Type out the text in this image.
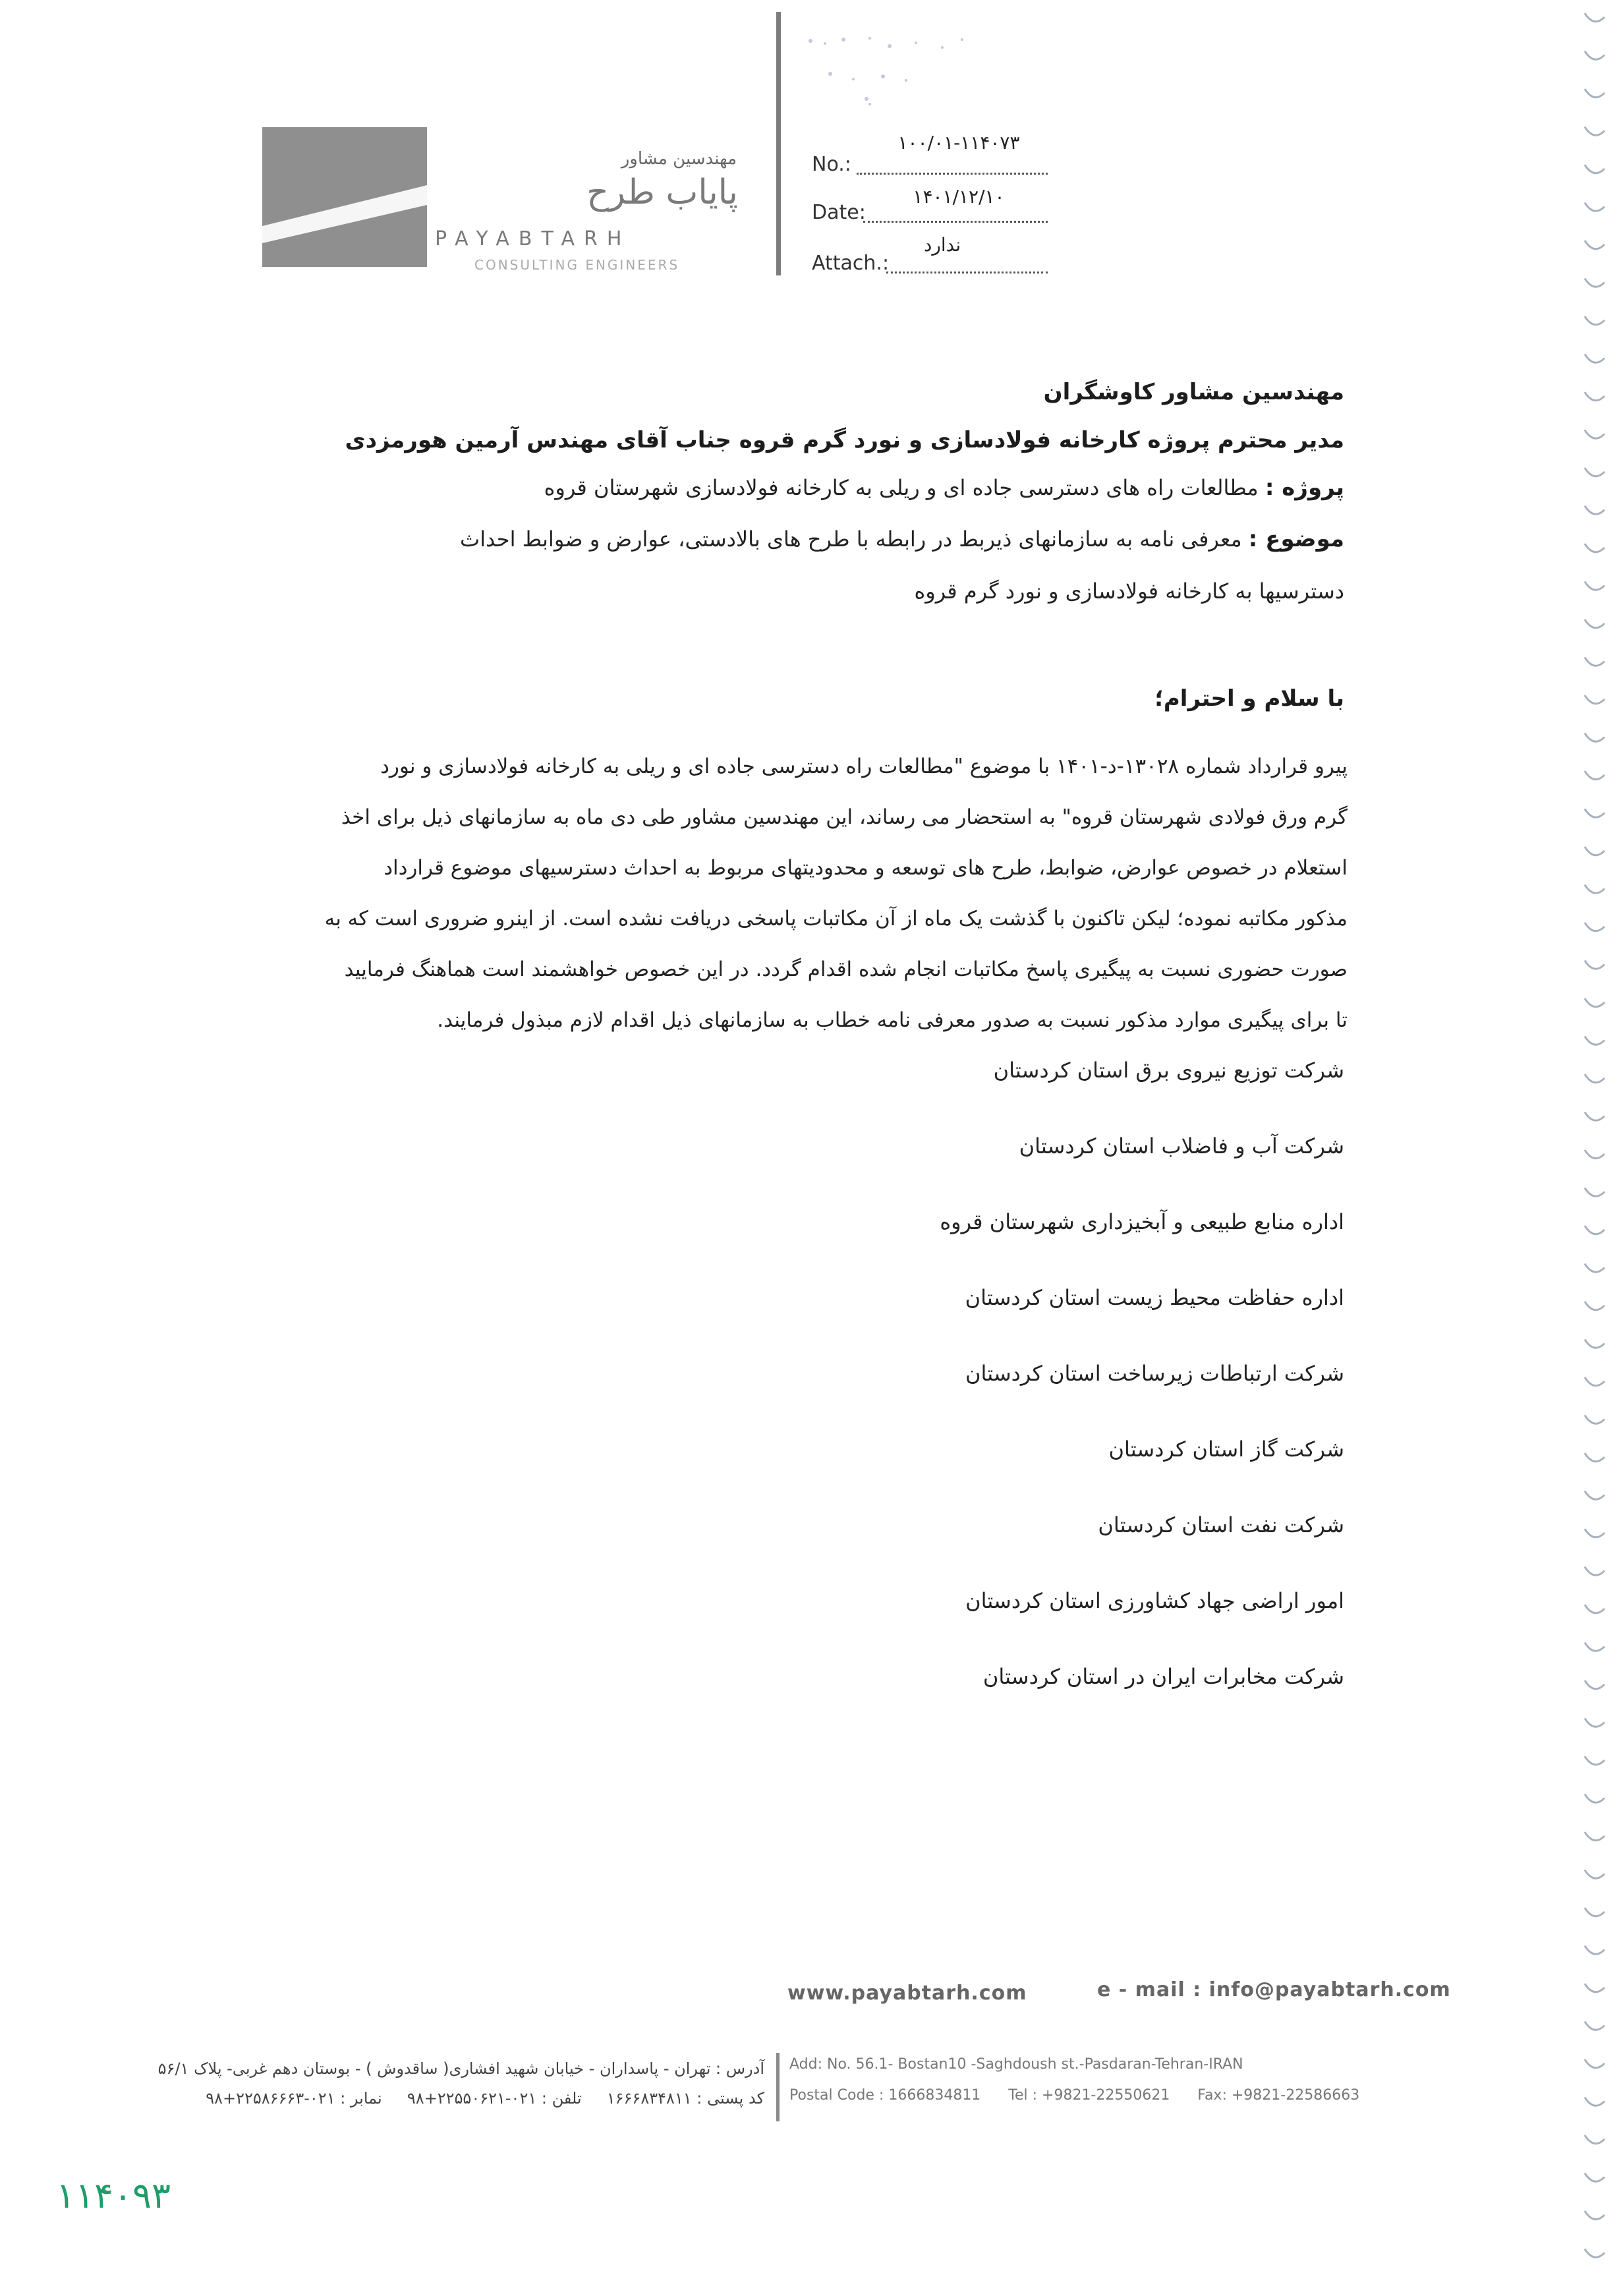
مهندسین مشاور
پایاب طرح
PAYABTARH
CONSULTING ENGINEERS
۱۰۰/۰۱-۱۱۴۰۷۳
No.:
۱۴۰۱/۱۲/۱۰
Date:
ندارد
Attach.:
مهندسین مشاور کاوشگران
مدیر محترم پروژه کارخانه فولادسازی و نورد گرم قروه جناب آقای مهندس آرمین هورمزدی
پروژه : مطالعات راه های دسترسی جاده ای و ریلی به کارخانه فولادسازی شهرستان قروه
موضوع : معرفی نامه به سازمانهای ذیربط در رابطه با طرح های بالادستی، عوارض و ضوابط احداث
دسترسیها به کارخانه فولادسازی و نورد گرم قروه
با سلام و احترام؛
پیرو قرارداد شماره ۱۳۰۲۸-د-۱۴۰۱ با موضوع "مطالعات راه دسترسی جاده ای و ریلی به کارخانه فولادسازی و نورد
گرم ورق فولادی شهرستان قروه" به استحضار می رساند، این مهندسین مشاور طی دی ماه به سازمانهای ذیل برای اخذ
استعلام در خصوص عوارض، ضوابط، طرح های توسعه و محدودیتهای مربوط به احداث دسترسیهای موضوع قرارداد
مذکور مکاتبه نموده؛ لیکن تاکنون با گذشت یک ماه از آن مکاتبات پاسخی دریافت نشده است. از اینرو ضروری است که به
صورت حضوری نسبت به پیگیری پاسخ مکاتبات انجام شده اقدام گردد. در این خصوص خواهشمند است هماهنگ فرمایید
تا برای پیگیری موارد مذکور نسبت به صدور معرفی نامه خطاب به سازمانهای ذیل اقدام لازم مبذول فرمایند.
شرکت توزیع نیروی برق استان کردستان
شرکت آب و فاضلاب استان کردستان
اداره منابع طبیعی و آبخیزداری شهرستان قروه
اداره حفاظت محیط زیست استان کردستان
شرکت ارتباطات زیرساخت استان کردستان
شرکت گاز استان کردستان
شرکت نفت استان کردستان
امور اراضی جهاد کشاورزی استان کردستان
شرکت مخابرات ایران در استان کردستان
www.payabtarh.com	e - mail : info@payabtarh.com
Add: No. 56.1- Bostan10 -Saghdoush st.-Pasdaran-Tehran-IRAN
Postal Code : 1666834811      Tel : +9821-22550621      Fax: +9821-22586663
آدرس : تهران - پاسداران - خیابان شهید افشاری( ساقدوش ) - بوستان دهم غربی- پلاک ۵۶/۱
کد پستی : ۱۶۶۶۸۳۴۸۱۱     تلفن : ۰۲۱-۲۲۵۵۰۶۲۱+۹۸     نمابر : ۰۲۱-۲۲۵۸۶۶۶۳+۹۸
۱۱۴۰۹۳
